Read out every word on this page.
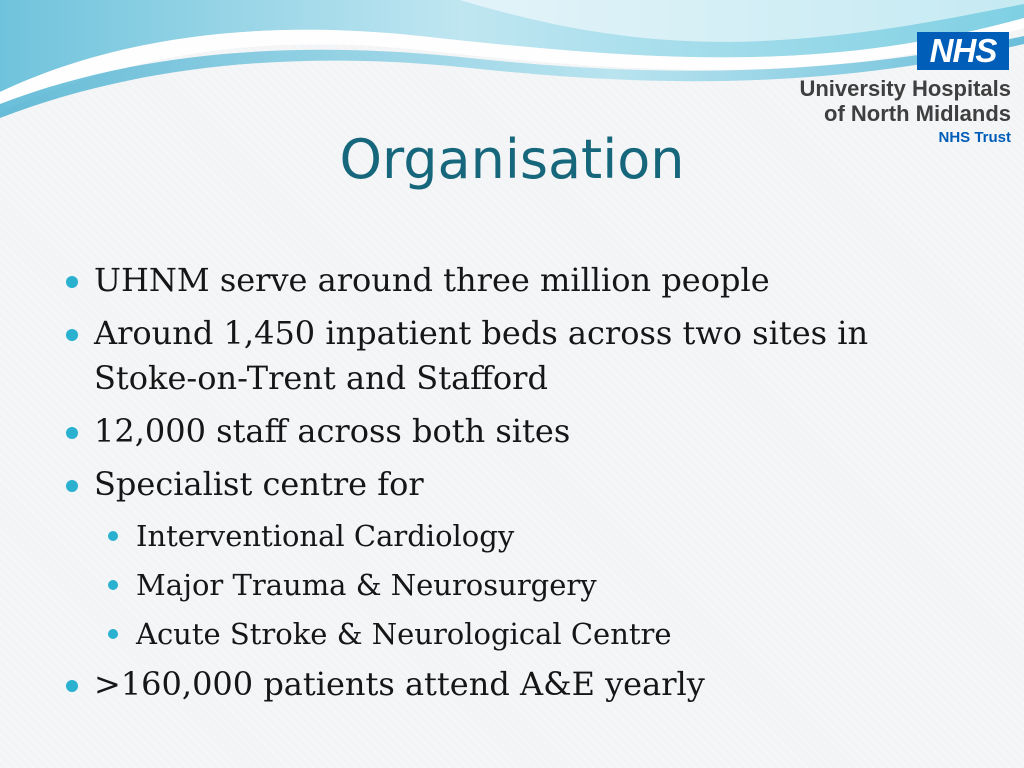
NHS
University Hospitals
of North Midlands
NHS Trust
Organisation
UHNM serve around three million people
Around 1,450 inpatient beds across two sites in Stoke-on-Trent and Stafford
12,000 staff across both sites
Specialist centre for
Interventional Cardiology
Major Trauma & Neurosurgery
Acute Stroke & Neurological Centre
>160,000 patients attend A&E yearly
